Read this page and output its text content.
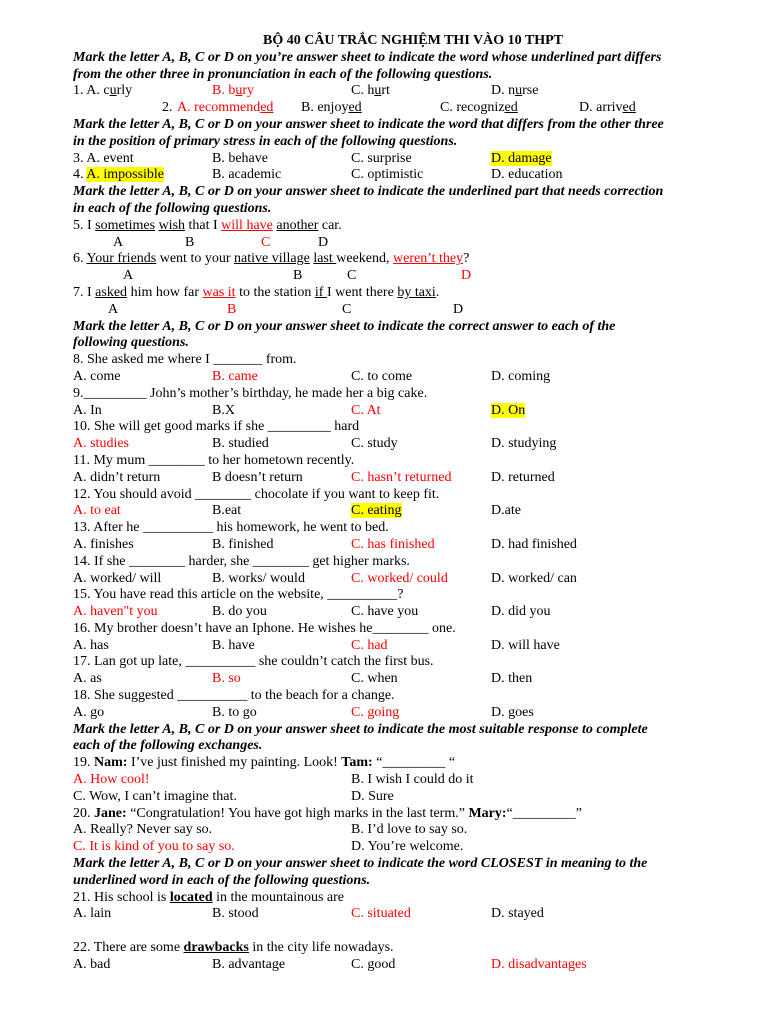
BỘ 40 CÂU TRẮC NGHIỆM THI VÀO 10 THPT
Mark the letter A, B, C or D on you’re answer sheet to indicate the word whose underlined part differs
from the other three in pronunciation in each of the following questions.
1. A. curly	B. bury	C. hurt	D. nurse
2. A. recommended B. enjoyed	C. recognized	D. arrived
Mark the letter A, B, C or D on your answer sheet to indicate the word that differs from the other three
in the position of primary stress in each of the following questions.
3. A. event	B. behave	C. surprise	D. damage
4. A. impossible	B. academic	C. optimistic	D. education
Mark the letter A, B, C or D on your answer sheet to indicate the underlined part that needs correction
in each of the following questions.
5. I sometimes wish that I will have another car.
A	B	C	D
6. Your friends went to your native village last weekend, weren’t they?
A	B	C	D
7. I asked him how far was it to the station if I went there by taxi.
A	B	C	D
Mark the letter A, B, C or D on your answer sheet to indicate the correct answer to each of the
following questions.
8. She asked me where I _______ from.
A. come	B. came	C. to come	D. coming
9._________ John’s mother’s birthday, he made her a big cake.
A. In	B.X	C. At	D. On
10. She will get good marks if she _________ hard
A. studies	B. studied	C. study	D. studying
11. My mum ________ to her hometown recently.
A. didn’t return	B doesn’t return	C. hasn’t returned	D. returned
12. You should avoid ________ chocolate if you want to keep fit.
A. to eat	B.eat	C. eating	D.ate
13. After he __________ his homework, he went to bed.
A. finishes	B. finished	C. has finished	D. had finished
14. If she ________ harder, she ________ get higher marks.
A. worked/ will	B. works/ would	C. worked/ could	D. worked/ can
15. You have read this article on the website, __________?
A. haven"t you	B. do you	C. have you	D. did you
16. My brother doesn’t have an Iphone. He wishes he________ one.
A. has	B. have	C. had	D. will have
17. Lan got up late, __________ she couldn’t catch the first bus.
A. as	B. so	C. when	D. then
18. She suggested __________ to the beach for a change.
A. go	B. to go	C. going	D. goes
Mark the letter A, B, C or D on your answer sheet to indicate the most suitable response to complete
each of the following exchanges.
19. Nam: I’ve just finished my painting. Look! Tam: “_________ “
A. How cool!	B. I wish I could do it
C. Wow, I can’t imagine that.	D. Sure
20. Jane: “Congratulation! You have got high marks in the last term.” Mary:“_________”
A. Really? Never say so.	B. I’d love to say so.
C. It is kind of you to say so.	D. You’re welcome.
Mark the letter A, B, C or D on your answer sheet to indicate the word CLOSEST in meaning to the
underlined word in each of the following questions.
21. His school is located in the mountainous are
A. lain	B. stood	C. situated	D. stayed
22. There are some drawbacks in the city life nowadays.
A. bad	B. advantage	C. good	D. disadvantages
